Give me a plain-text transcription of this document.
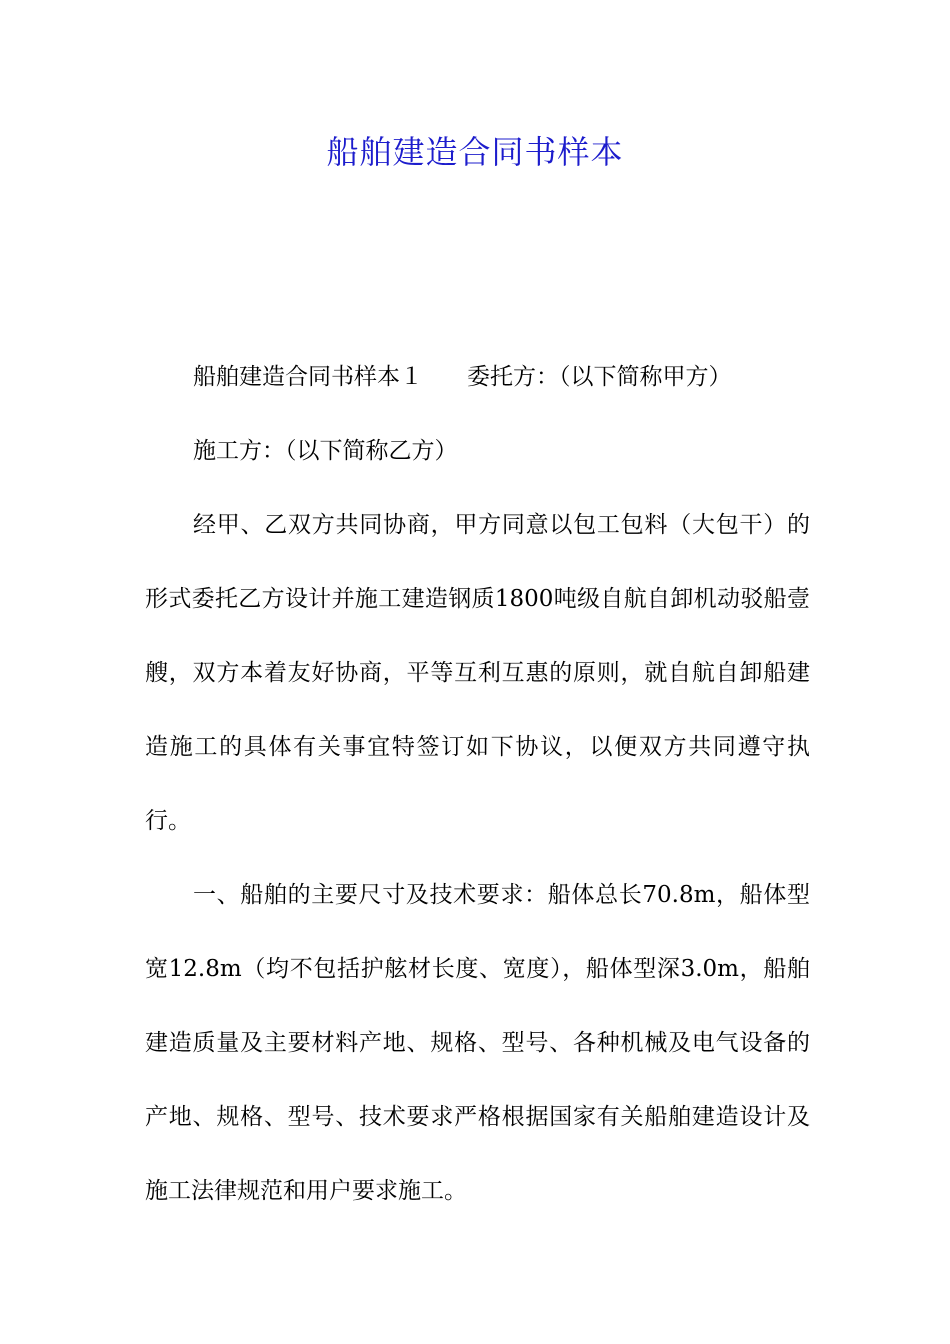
船舶建造合同书样本

船舶建造合同书样本１ 委托方：（以下简称甲方）

施工方：（以下简称乙方）

经甲、乙双方共同协商，甲方同意以包工包料（大包干）的形式委托乙方设计并施工建造钢质1800吨级自航自卸机动驳船壹艘，双方本着友好协商，平等互利互惠的原则，就自航自卸船建造施工的具体有关事宜特签订如下协议，以便双方共同遵守执行。

一、船舶的主要尺寸及技术要求：船体总长70.8m，船体型宽12.8m（均不包括护舷材长度、宽度），船体型深3.0m，船舶建造质量及主要材料产地、规格、型号、各种机械及电气设备的产地、规格、型号、技术要求严格根据国家有关船舶建造设计及施工法律规范和用户要求施工。
